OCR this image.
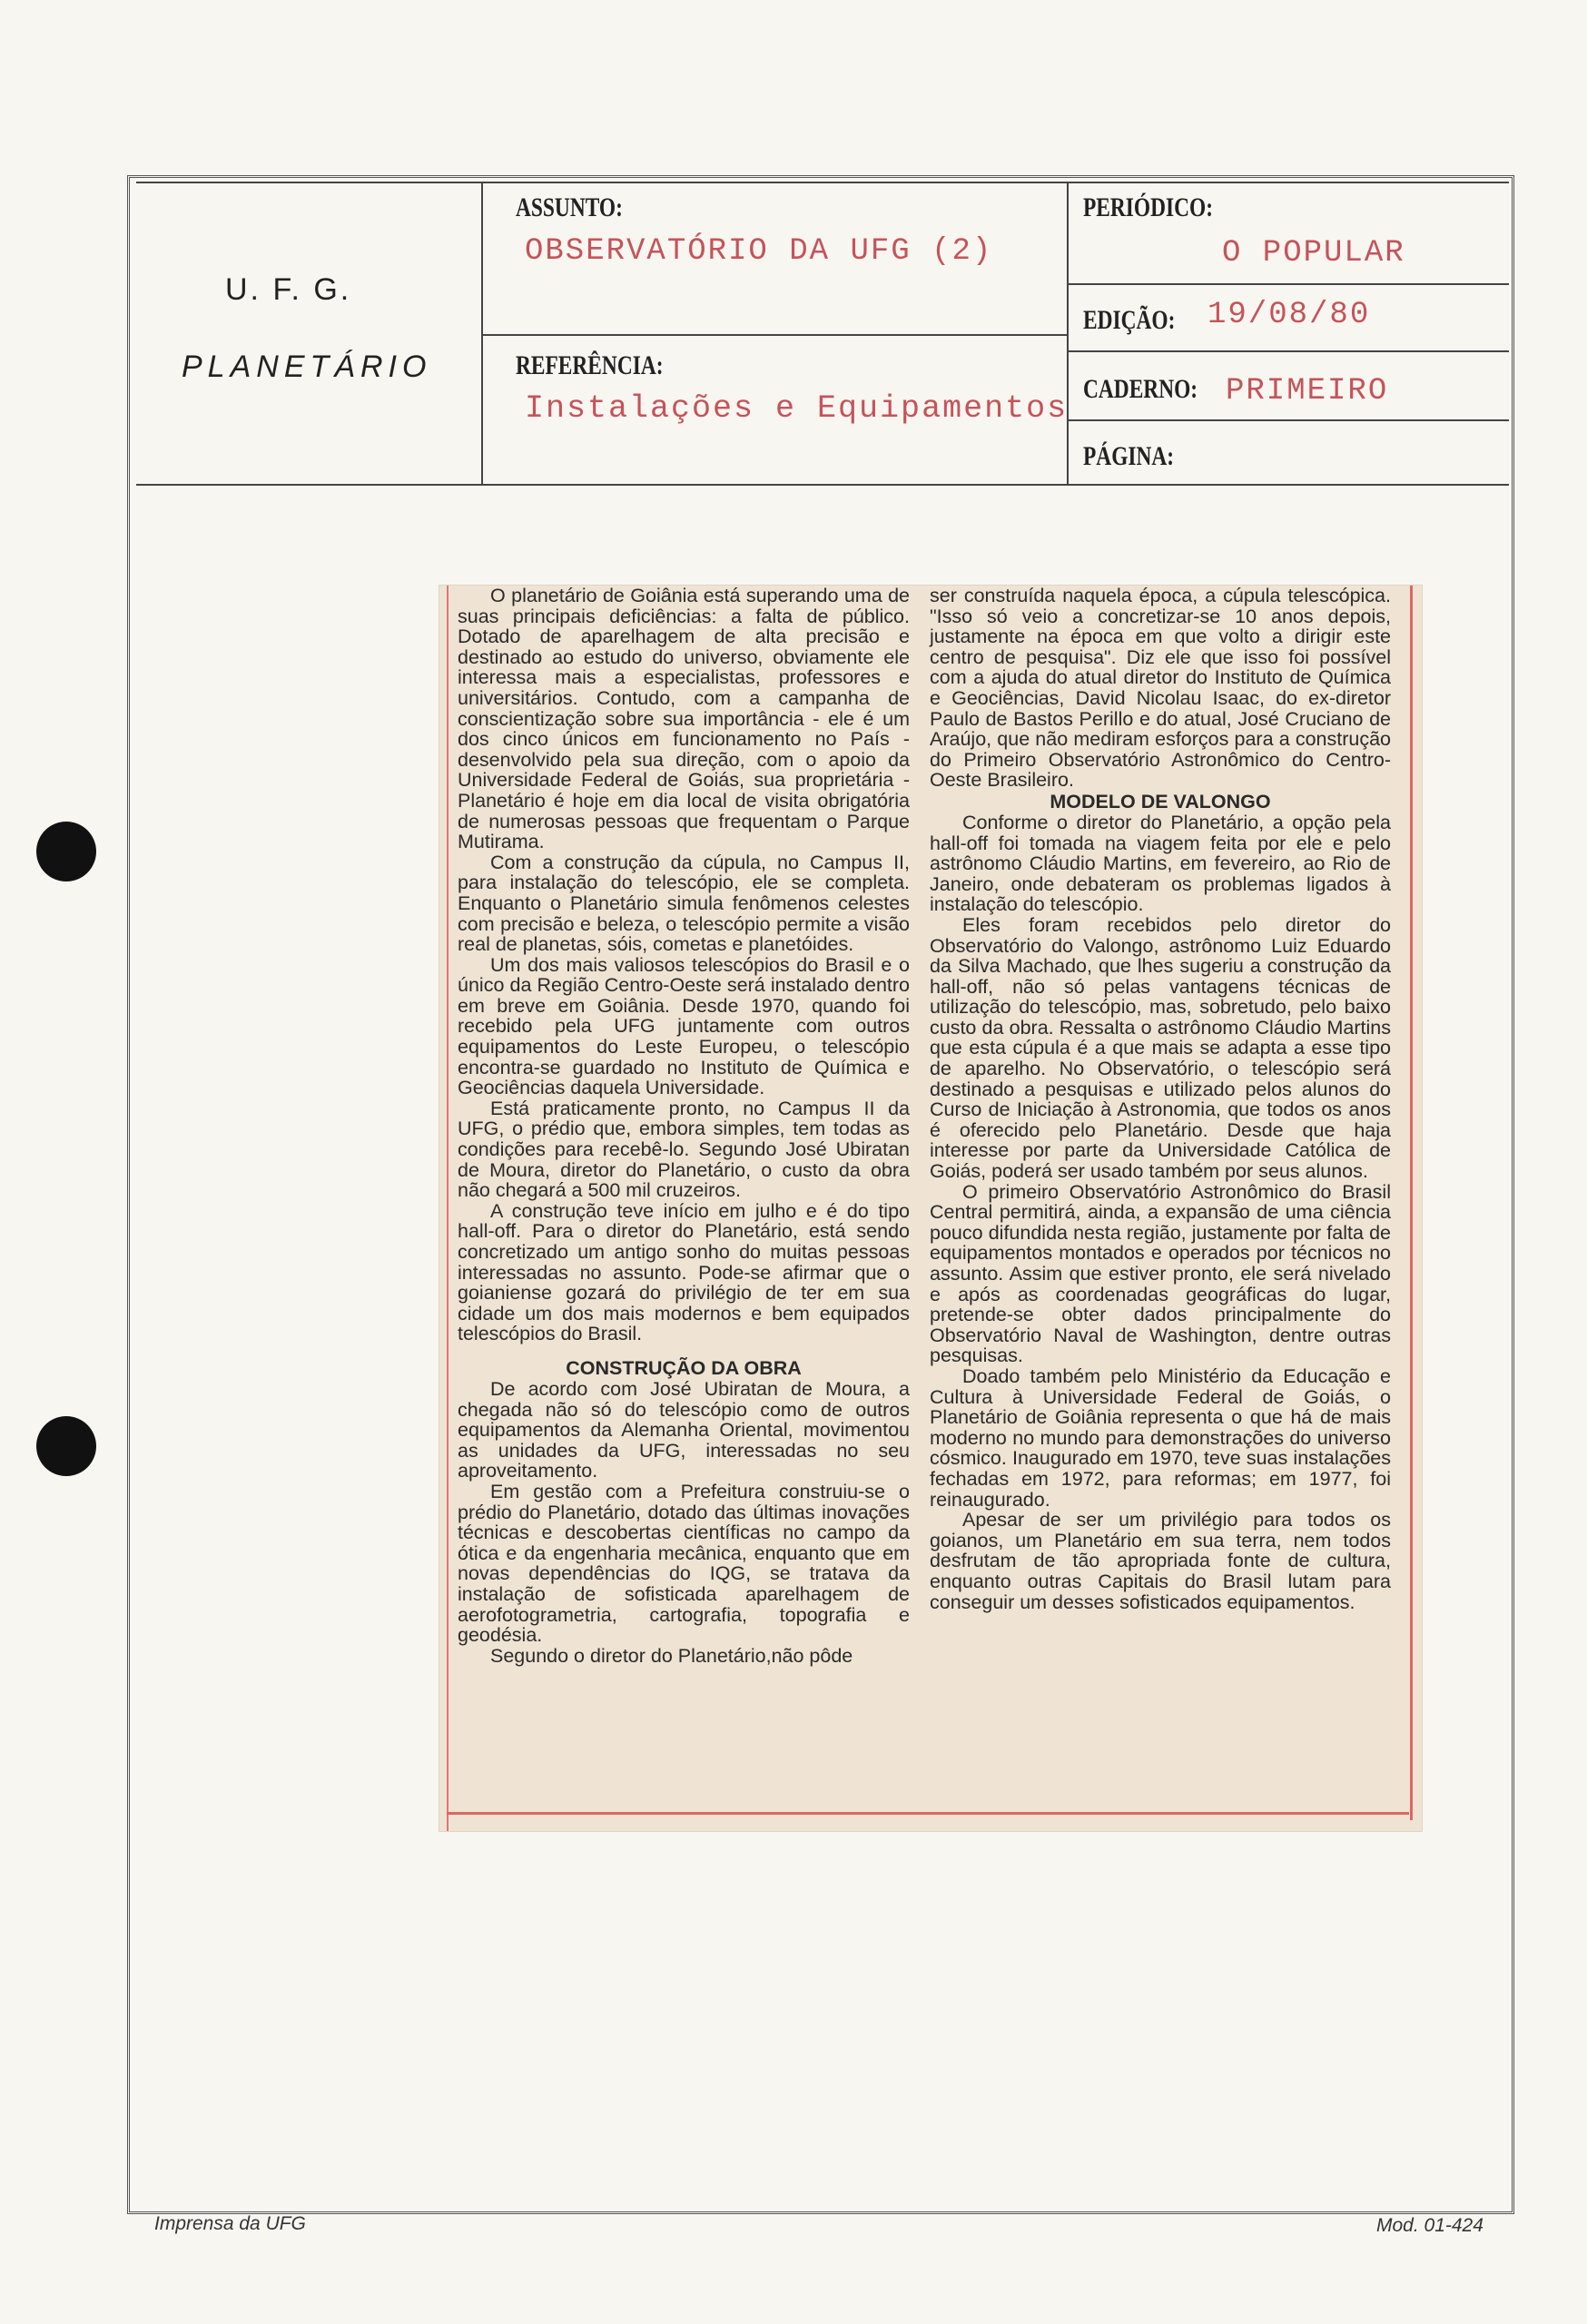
U. F. G.
PLANETÁRIO
ASSUNTO:
OBSERVATÓRIO DA UFG (2)
REFERÊNCIA:
Instalações e Equipamentos
PERIÓDICO:
O POPULAR
EDIÇÃO: 19/08/80
CADERNO: PRIMEIRO
PÁGINA:

O planetário de Goiânia está superando uma de suas principais deficiências: a falta de público. Dotado de aparelhagem de alta precisão e destinado ao estudo do universo, obviamente ele interessa mais a especialistas, professores e universitários. Contudo, com a campanha de conscientização sobre sua importância - ele é um dos cinco únicos em funcionamento no País - desenvolvido pela sua direção, com o apoio da Universidade Federal de Goiás, sua proprietária - Planetário é hoje em dia local de visita obrigatória de numerosas pessoas que frequentam o Parque Mutirama.

Com a construção da cúpula, no Campus II, para instalação do telescópio, ele se completa. Enquanto o Planetário simula fenômenos celestes com precisão e beleza, o telescópio permite a visão real de planetas, sóis, cometas e planetóides.

Um dos mais valiosos telescópios do Brasil e o único da Região Centro-Oeste será instalado dentro em breve em Goiânia. Desde 1970, quando foi recebido pela UFG juntamente com outros equipamentos do Leste Europeu, o telescópio encontra-se guardado no Instituto de Química e Geociências daquela Universidade.

Está praticamente pronto, no Campus II da UFG, o prédio que, embora simples, tem todas as condições para recebê-lo. Segundo José Ubiratan de Moura, diretor do Planetário, o custo da obra não chegará a 500 mil cruzeiros.

A construção teve início em julho e é do tipo hall-off. Para o diretor do Planetário, está sendo concretizado um antigo sonho do muitas pessoas interessadas no assunto. Pode-se afirmar que o goianiense gozará do privilégio de ter em sua cidade um dos mais modernos e bem equipados telescópios do Brasil.

CONSTRUÇÃO DA OBRA

De acordo com José Ubiratan de Moura, a chegada não só do telescópio como de outros equipamentos da Alemanha Oriental, movimentou as unidades da UFG, interessadas no seu aproveitamento.

Em gestão com a Prefeitura construiu-se o prédio do Planetário, dotado das últimas inovações técnicas e descobertas científicas no campo da ótica e da engenharia mecânica, enquanto que em novas dependências do IQG, se tratava da instalação de sofisticada aparelhagem de aerofotogrametria, cartografia, topografia e geodésia.

Segundo o diretor do Planetário,não pôde

ser construída naquela época, a cúpula telescópica. "Isso só veio a concretizar-se 10 anos depois, justamente na época em que volto a dirigir este centro de pesquisa". Diz ele que isso foi possível com a ajuda do atual diretor do Instituto de Química e Geociências, David Nicolau Isaac, do ex-diretor Paulo de Bastos Perillo e do atual, José Cruciano de Araújo, que não mediram esforços para a construção do Primeiro Observatório Astronômico do Centro-Oeste Brasileiro.

MODELO DE VALONGO

Conforme o diretor do Planetário, a opção pela hall-off foi tomada na viagem feita por ele e pelo astrônomo Cláudio Martins, em fevereiro, ao Rio de Janeiro, onde debateram os problemas ligados à instalação do telescópio.

Eles foram recebidos pelo diretor do Observatório do Valongo, astrônomo Luiz Eduardo da Silva Machado, que lhes sugeriu a construção da hall-off, não só pelas vantagens técnicas de utilização do telescópio, mas, sobretudo, pelo baixo custo da obra. Ressalta o astrônomo Cláudio Martins que esta cúpula é a que mais se adapta a esse tipo de aparelho. No Observatório, o telescópio será destinado a pesquisas e utilizado pelos alunos do Curso de Iniciação à Astronomia, que todos os anos é oferecido pelo Planetário. Desde que haja interesse por parte da Universidade Católica de Goiás, poderá ser usado também por seus alunos.

O primeiro Observatório Astronômico do Brasil Central permitirá, ainda, a expansão de uma ciência pouco difundida nesta região, justamente por falta de equipamentos montados e operados por técnicos no assunto. Assim que estiver pronto, ele será nivelado e após as coordenadas geográficas do lugar, pretende-se obter dados principalmente do Observatório Naval de Washington, dentre outras pesquisas.

Doado também pelo Ministério da Educação e Cultura à Universidade Federal de Goiás, o Planetário de Goiânia representa o que há de mais moderno no mundo para demonstrações do universo cósmico. Inaugurado em 1970, teve suas instalações fechadas em 1972, para reformas; em 1977, foi reinaugurado.

Apesar de ser um privilégio para todos os goianos, um Planetário em sua terra, nem todos desfrutam de tão apropriada fonte de cultura, enquanto outras Capitais do Brasil lutam para conseguir um desses sofisticados equipamentos.

Imprensa da UFG	Mod. 01-424
